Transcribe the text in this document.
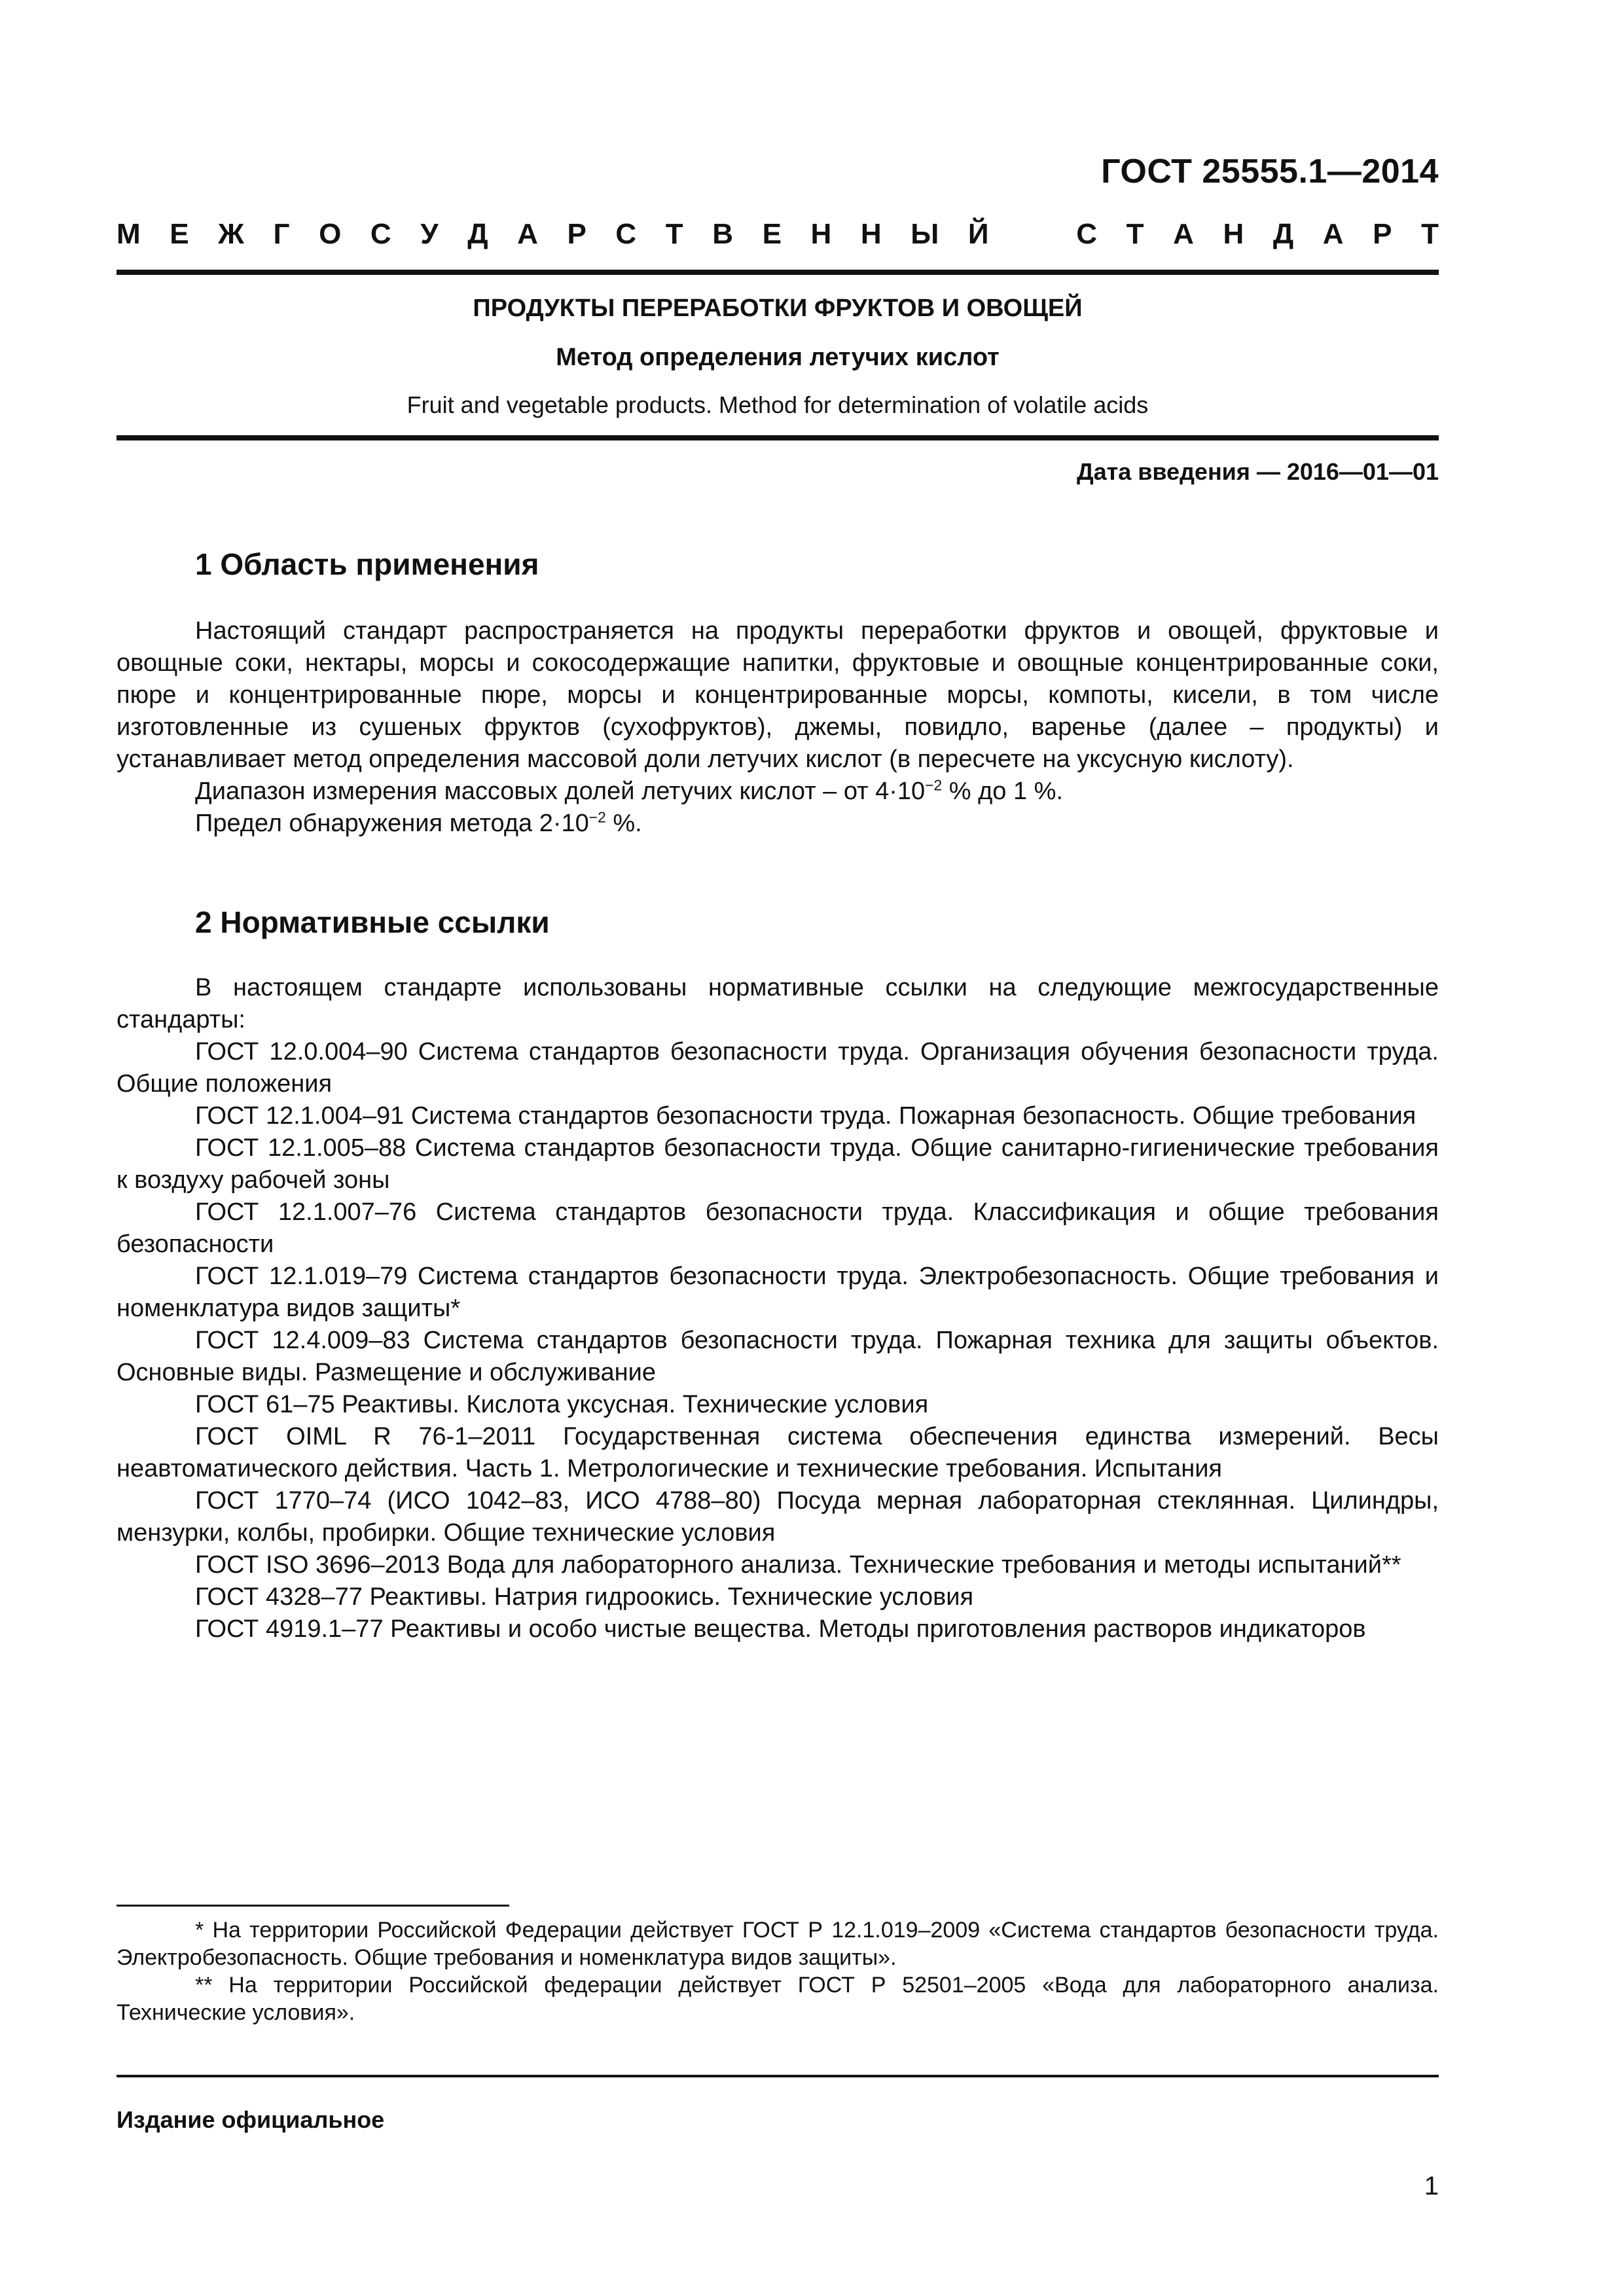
ГОСТ 25555.1—2014
М Е Ж Г О С У Д А Р С Т В Е Н Н Ы Й	С Т А Н Д А Р Т
ПРОДУКТЫ ПЕРЕРАБОТКИ ФРУКТОВ И ОВОЩЕЙ
Метод определения летучих кислот
Fruit and vegetable products. Method for determination of volatile acids
Дата введения — 2016—01—01
1 Область применения

Настоящий стандарт распространяется на продукты переработки фруктов и овощей, фруктовые и овощные соки, нектары, морсы и сокосодержащие напитки, фруктовые и овощные концентрированные соки, пюре и концентрированные пюре, морсы и концентрированные морсы, компоты, кисели, в том числе изготовленные из сушеных фруктов (сухофруктов), джемы, повидло, варенье (далее – продукты) и устанавливает метод определения массовой доли летучих кислот (в пересчете на уксусную кислоту).

Диапазон измерения массовых долей летучих кислот – от $4\cdot 10^{-2}$ % до 1 %.

Предел обнаружения метода $2\cdot 10^{-2}$ %.

2 Нормативные ссылки

В настоящем стандарте использованы нормативные ссылки на следующие межгосударственные стандарты:

ГОСТ 12.0.004–90 Система стандартов безопасности труда. Организация обучения безопасности труда. Общие положения

ГОСТ 12.1.004–91 Система стандартов безопасности труда. Пожарная безопасность. Общие требования

ГОСТ 12.1.005–88 Система стандартов безопасности труда. Общие санитарно-гигиенические требования к воздуху рабочей зоны

ГОСТ 12.1.007–76 Система стандартов безопасности труда. Классификация и общие требования безопасности

ГОСТ 12.1.019–79 Система стандартов безопасности труда. Электробезопасность. Общие требования и номенклатура видов защиты*

ГОСТ 12.4.009–83 Система стандартов безопасности труда. Пожарная техника для защиты объектов. Основные виды. Размещение и обслуживание

ГОСТ 61–75 Реактивы. Кислота уксусная. Технические условия

ГОСТ OIML R 76-1–2011 Государственная система обеспечения единства измерений. Весы неавтоматического действия. Часть 1. Метрологические и технические требования. Испытания

ГОСТ 1770–74 (ИСО 1042–83, ИСО 4788–80) Посуда мерная лабораторная стеклянная. Цилиндры, мензурки, колбы, пробирки. Общие технические условия

ГОСТ ISO 3696–2013 Вода для лабораторного анализа. Технические требования и методы испытаний**

ГОСТ 4328–77 Реактивы. Натрия гидроокись. Технические условия

ГОСТ 4919.1–77 Реактивы и особо чистые вещества. Методы приготовления растворов индикаторов

* На территории Российской Федерации действует ГОСТ Р 12.1.019–2009 «Система стандартов безопасности труда. Электробезопасность. Общие требования и номенклатура видов защиты».

** На территории Российской федерации действует ГОСТ Р 52501–2005 «Вода для лабораторного анализа. Технические условия».

Издание официальное
1
